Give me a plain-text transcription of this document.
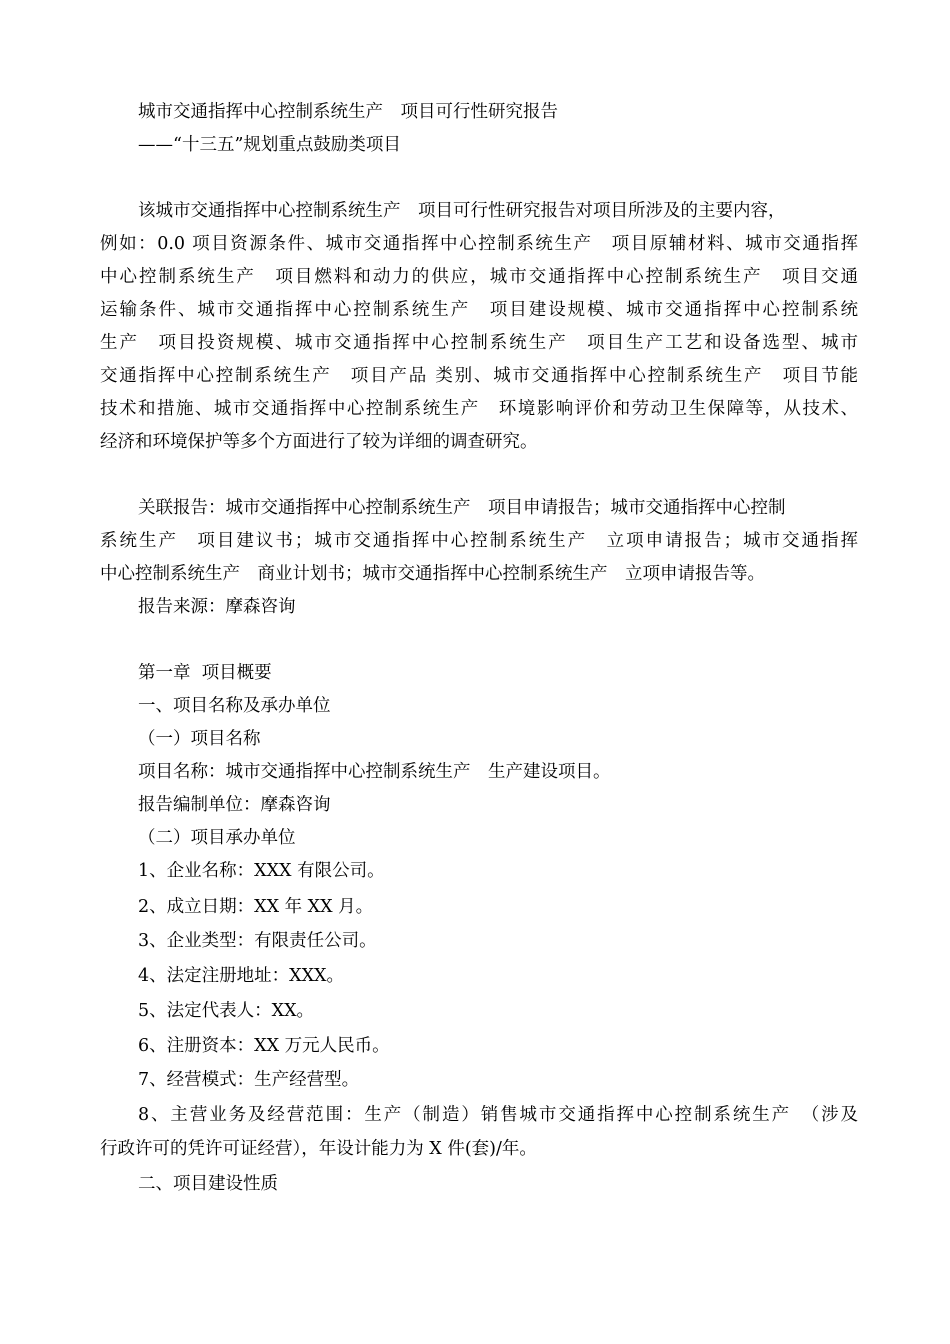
城市交通指挥中心控制系统生产　项目可行性研究报告

——“十三五”规划重点鼓励类项目

该城市交通指挥中心控制系统生产　项目可行性研究报告对项目所涉及的主要内容，

例如：0.0 项目资源条件、城市交通指挥中心控制系统生产　项目原辅材料、城市交通指挥

中心控制系统生产　项目燃料和动力的供应，城市交通指挥中心控制系统生产　项目交通

运输条件、城市交通指挥中心控制系统生产　项目建设规模、城市交通指挥中心控制系统

生产　项目投资规模、城市交通指挥中心控制系统生产　项目生产工艺和设备选型、城市

交通指挥中心控制系统生产　项目产品 类别、城市交通指挥中心控制系统生产　项目节能

技术和措施、城市交通指挥中心控制系统生产　环境影响评价和劳动卫生保障等，从技术、

经济和环境保护等多个方面进行了较为详细的调查研究。

关联报告：城市交通指挥中心控制系统生产　项目申请报告；城市交通指挥中心控制

系统生产　项目建议书；城市交通指挥中心控制系统生产　立项申请报告；城市交通指挥

中心控制系统生产　商业计划书；城市交通指挥中心控制系统生产　立项申请报告等。

报告来源：摩森咨询

第一章  项目概要

一、项目名称及承办单位

（一）项目名称

项目名称：城市交通指挥中心控制系统生产　生产建设项目。

报告编制单位：摩森咨询

（二）项目承办单位

1、企业名称：XXX 有限公司。

2、成立日期：XX 年 XX 月。

3、企业类型：有限责任公司。

4、法定注册地址：XXX。

5、法定代表人：XX。

6、注册资本：XX 万元人民币。

7、经营模式：生产经营型。

8、主营业务及经营范围：生产（制造）销售城市交通指挥中心控制系统生产　（涉及

行政许可的凭许可证经营），年设计能力为 X 件(套)/年。

二、项目建设性质
